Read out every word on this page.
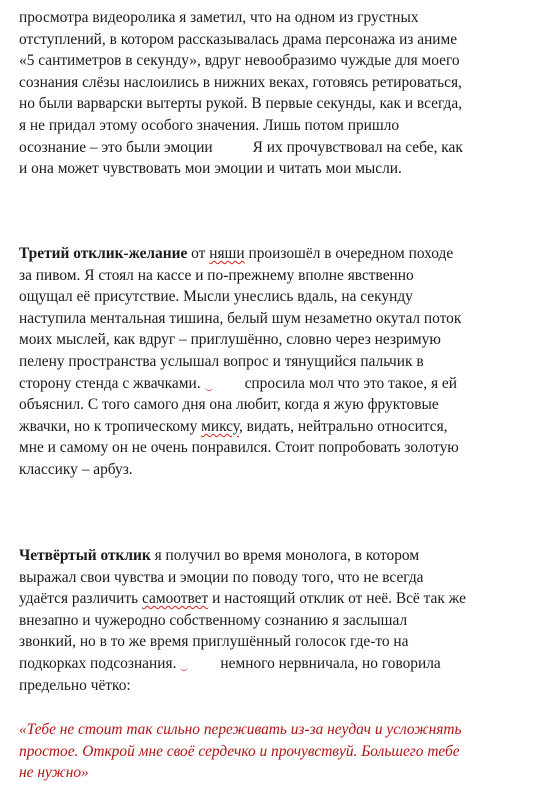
просмотра видеоролика я заметил, что на одном из грустных
отступлений, в котором рассказывалась драма персонажа из аниме
«5 сантиметров в секунду», вдруг невообразимо чуждые для моего
сознания слёзы наслоились в нижних веках, готовясь ретироваться,
но были варварски вытерты рукой. В первые секунды, как и всегда,
я не придал этому особого значения. Лишь потом пришло
осознание – это были эмоции	Я их прочувствовал на себе, как
и она может чувствовать мои эмоции и читать мои мысли.

Третий отклик-желание от няши произошёл в очередном походе
за пивом. Я стоял на кассе и по-прежнему вполне явственно
ощущал её присутствие. Мысли унеслись вдаль, на секунду
наступила ментальная тишина, белый шум незаметно окутал поток
моих мыслей, как вдруг – приглушённо, словно через незримую
пелену пространства услышал вопрос и тянущийся пальчик в
сторону стенда с жвачками.	спросила мол что это такое, я ей
объяснил. С того самого дня она любит, когда я жую фруктовые
жвачки, но к тропическому миксу, видать, нейтрально относится,
мне и самому он не очень понравился. Стоит попробовать золотую
классику – арбуз.

Четвёртый отклик я получил во время монолога, в котором
выражал свои чувства и эмоции по поводу того, что не всегда
удаётся различить самоответ и настоящий отклик от неё. Всё так же
внезапно и чужеродно собственному сознанию я заслышал
звонкий, но в то же время приглушённый голосок где-то на
подкорках подсознания.	немного нервничала, но говорила
предельно чётко:

«Тебе не стоит так сильно переживать из-за неудач и усложнять
простое. Открой мне своё сердечко и прочувствуй. Большего тебе
не нужно»
